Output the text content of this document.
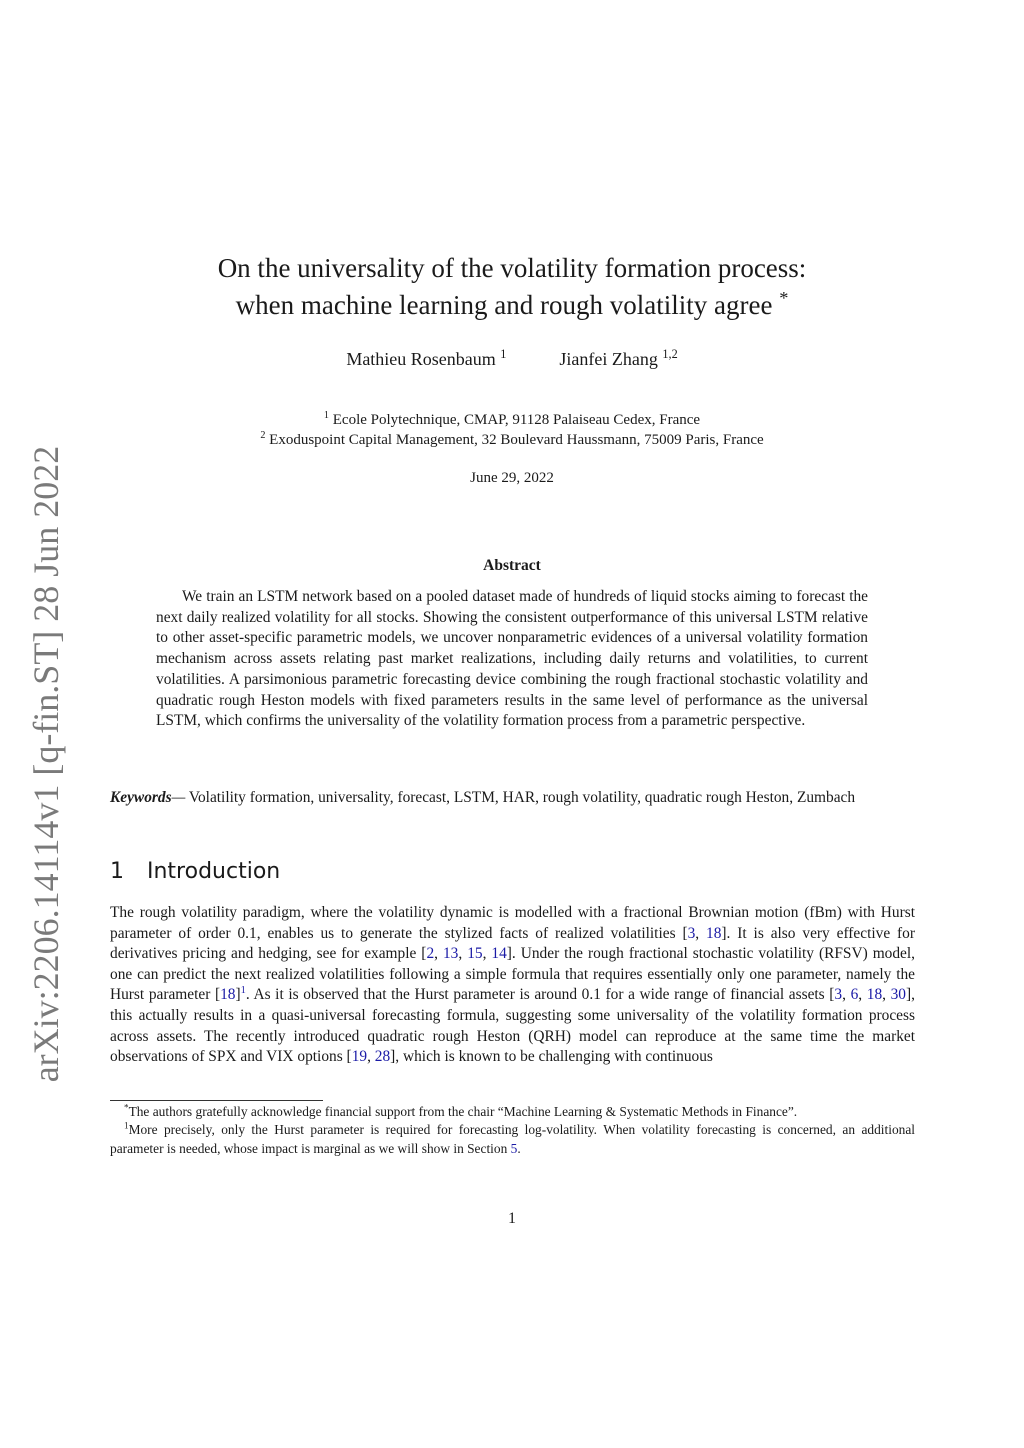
arXiv:2206.14114v1 [q-fin.ST] 28 Jun 2022
On the universality of the volatility formation process:
when machine learning and rough volatility agree *
Mathieu Rosenbaum $^1$	Jianfei Zhang $^{1,2}$
$^1$ Ecole Polytechnique, CMAP, 91128 Palaiseau Cedex, France
$^2$ Exoduspoint Capital Management, 32 Boulevard Haussmann, 75009 Paris, France
June 29, 2022
Abstract

We train an LSTM network based on a pooled dataset made of hundreds of liquid stocks aiming to forecast the next daily realized volatility for all stocks. Showing the consistent outperformance of this universal LSTM relative to other asset-specific parametric models, we uncover nonparametric evidences of a universal volatility formation mechanism across assets relating past market realizations, including daily returns and volatilities, to current volatilities. A parsimonious parametric forecasting device combining the rough fractional stochastic volatility and quadratic rough Heston models with fixed parameters results in the same level of performance as the universal LSTM, which confirms the universality of the volatility formation process from a parametric perspective.

Keywords— Volatility formation, universality, forecast, LSTM, HAR, rough volatility, quadratic rough Heston, Zumbach
1 Introduction

The rough volatility paradigm, where the volatility dynamic is modelled with a fractional Brownian motion (fBm) with Hurst parameter of order 0.1, enables us to generate the stylized facts of realized volatilities [3, 18]. It is also very effective for derivatives pricing and hedging, see for example [2, 13, 15, 14]. Under the rough fractional stochastic volatility (RFSV) model, one can predict the next realized volatilities following a simple formula that requires essentially only one parameter, namely the Hurst parameter $[18]^1$. As it is observed that the Hurst parameter is around 0.1 for a wide range of financial assets [3, 6, 18, 30], this actually results in a quasi-universal forecasting formula, suggesting some universality of the volatility formation process across assets. The recently introduced quadratic rough Heston (QRH) model can reproduce at the same time the market observations of SPX and VIX options [19, 28], which is known to be challenging with continuous

*The authors gratefully acknowledge financial support from the chair “Machine Learning & Systematic Methods in Finance”.

$^1$More precisely, only the Hurst parameter is required for forecasting log-volatility. When volatility forecasting is concerned, an additional parameter is needed, whose impact is marginal as we will show in Section 5.

1
